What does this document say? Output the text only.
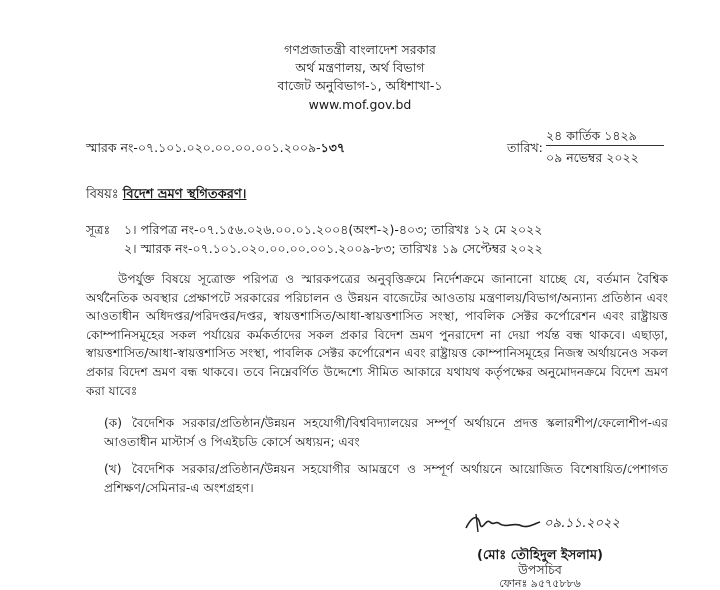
গণপ্রজাতন্ত্রী বাংলাদেশ সরকার
অর্থ মন্ত্রণালয়, অর্থ বিভাগ
বাজেট অনুবিভাগ-১, অধিশাখা-১
www.mof.gov.bd
স্মারক নং-০৭.১০১.০২০.০০.০০.০০১.২০০৯-১৩৭
২৪ কার্তিক ১৪২৯
তারিখ:
০৯ নভেম্বর ২০২২
বিষয়ঃ বিদেশ ভ্রমণ স্থগিতকরণ।
সূত্রঃ ১। পরিপত্র নং-০৭.১৫৬.০২৬.০০.০১.২০০৪(অংশ-২)-৪০৩; তারিখঃ ১২ মে ২০২২
২। স্মারক নং-০৭.১০১.০২০.০০.০০.০০১.২০০৯-৮৩; তারিখঃ ১৯ সেপ্টেম্বর ২০২২

উপর্যুক্ত বিষয়ে সূত্রোক্ত পরিপত্র ও স্মারকপত্রের অনুবৃত্তিক্রমে নির্দেশক্রমে জানানো যাচ্ছে যে, বর্তমান বৈশ্বিক অর্থনৈতিক অবস্থার প্রেক্ষাপটে সরকারের পরিচালন ও উন্নয়ন বাজেটের আওতায় মন্ত্রণালয়/বিভাগ/অন্যান্য প্রতিষ্ঠান এবং আওতাধীন অধিদপ্তর/পরিদপ্তর/দপ্তর, স্বায়ত্তশাসিত/আধা-স্বায়ত্তশাসিত সংস্থা, পাবলিক সেক্টর কর্পোরেশন এবং রাষ্ট্রায়ত্ত কোম্পানিসমূহের সকল পর্যায়ের কর্মকর্তাদের সকল প্রকার বিদেশ ভ্রমণ পুনরাদেশ না দেয়া পর্যন্ত বন্ধ থাকবে। এছাড়া, স্বায়ত্তশাসিত/আধা-স্বায়ত্তশাসিত সংস্থা, পাবলিক সেক্টর কর্পোরেশন এবং রাষ্ট্রায়ত্ত কোম্পানিসমূহের নিজস্ব অর্থায়নেও সকল প্রকার বিদেশ ভ্রমণ বন্ধ থাকবে। তবে নিম্নেবর্ণিত উদ্দেশ্যে সীমিত আকারে যথাযথ কর্তৃপক্ষের অনুমোদনক্রমে বিদেশ ভ্রমণ করা যাবেঃ

(ক) বৈদেশিক সরকার/প্রতিষ্ঠান/উন্নয়ন সহযোগী/বিশ্ববিদ্যালয়ের সম্পূর্ণ অর্থায়নে প্রদত্ত স্কলারশীপ/ফেলোশীপ-এর আওতাধীন মাস্টার্স ও পিএইচডি কোর্সে অধ্যয়ন; এবং
(খ) বৈদেশিক সরকার/প্রতিষ্ঠান/উন্নয়ন সহযোগীর আমন্ত্রণে ও সম্পূর্ণ অর্থায়নে আয়োজিত বিশেষায়িত/পেশাগত প্রশিক্ষণ/সেমিনার-এ অংশগ্রহণ।
০৯.১১.২০২২
(মোঃ তৌহিদুল ইসলাম)
উপসচিব
ফোনঃ ৯৫৭৫৮৮৬
